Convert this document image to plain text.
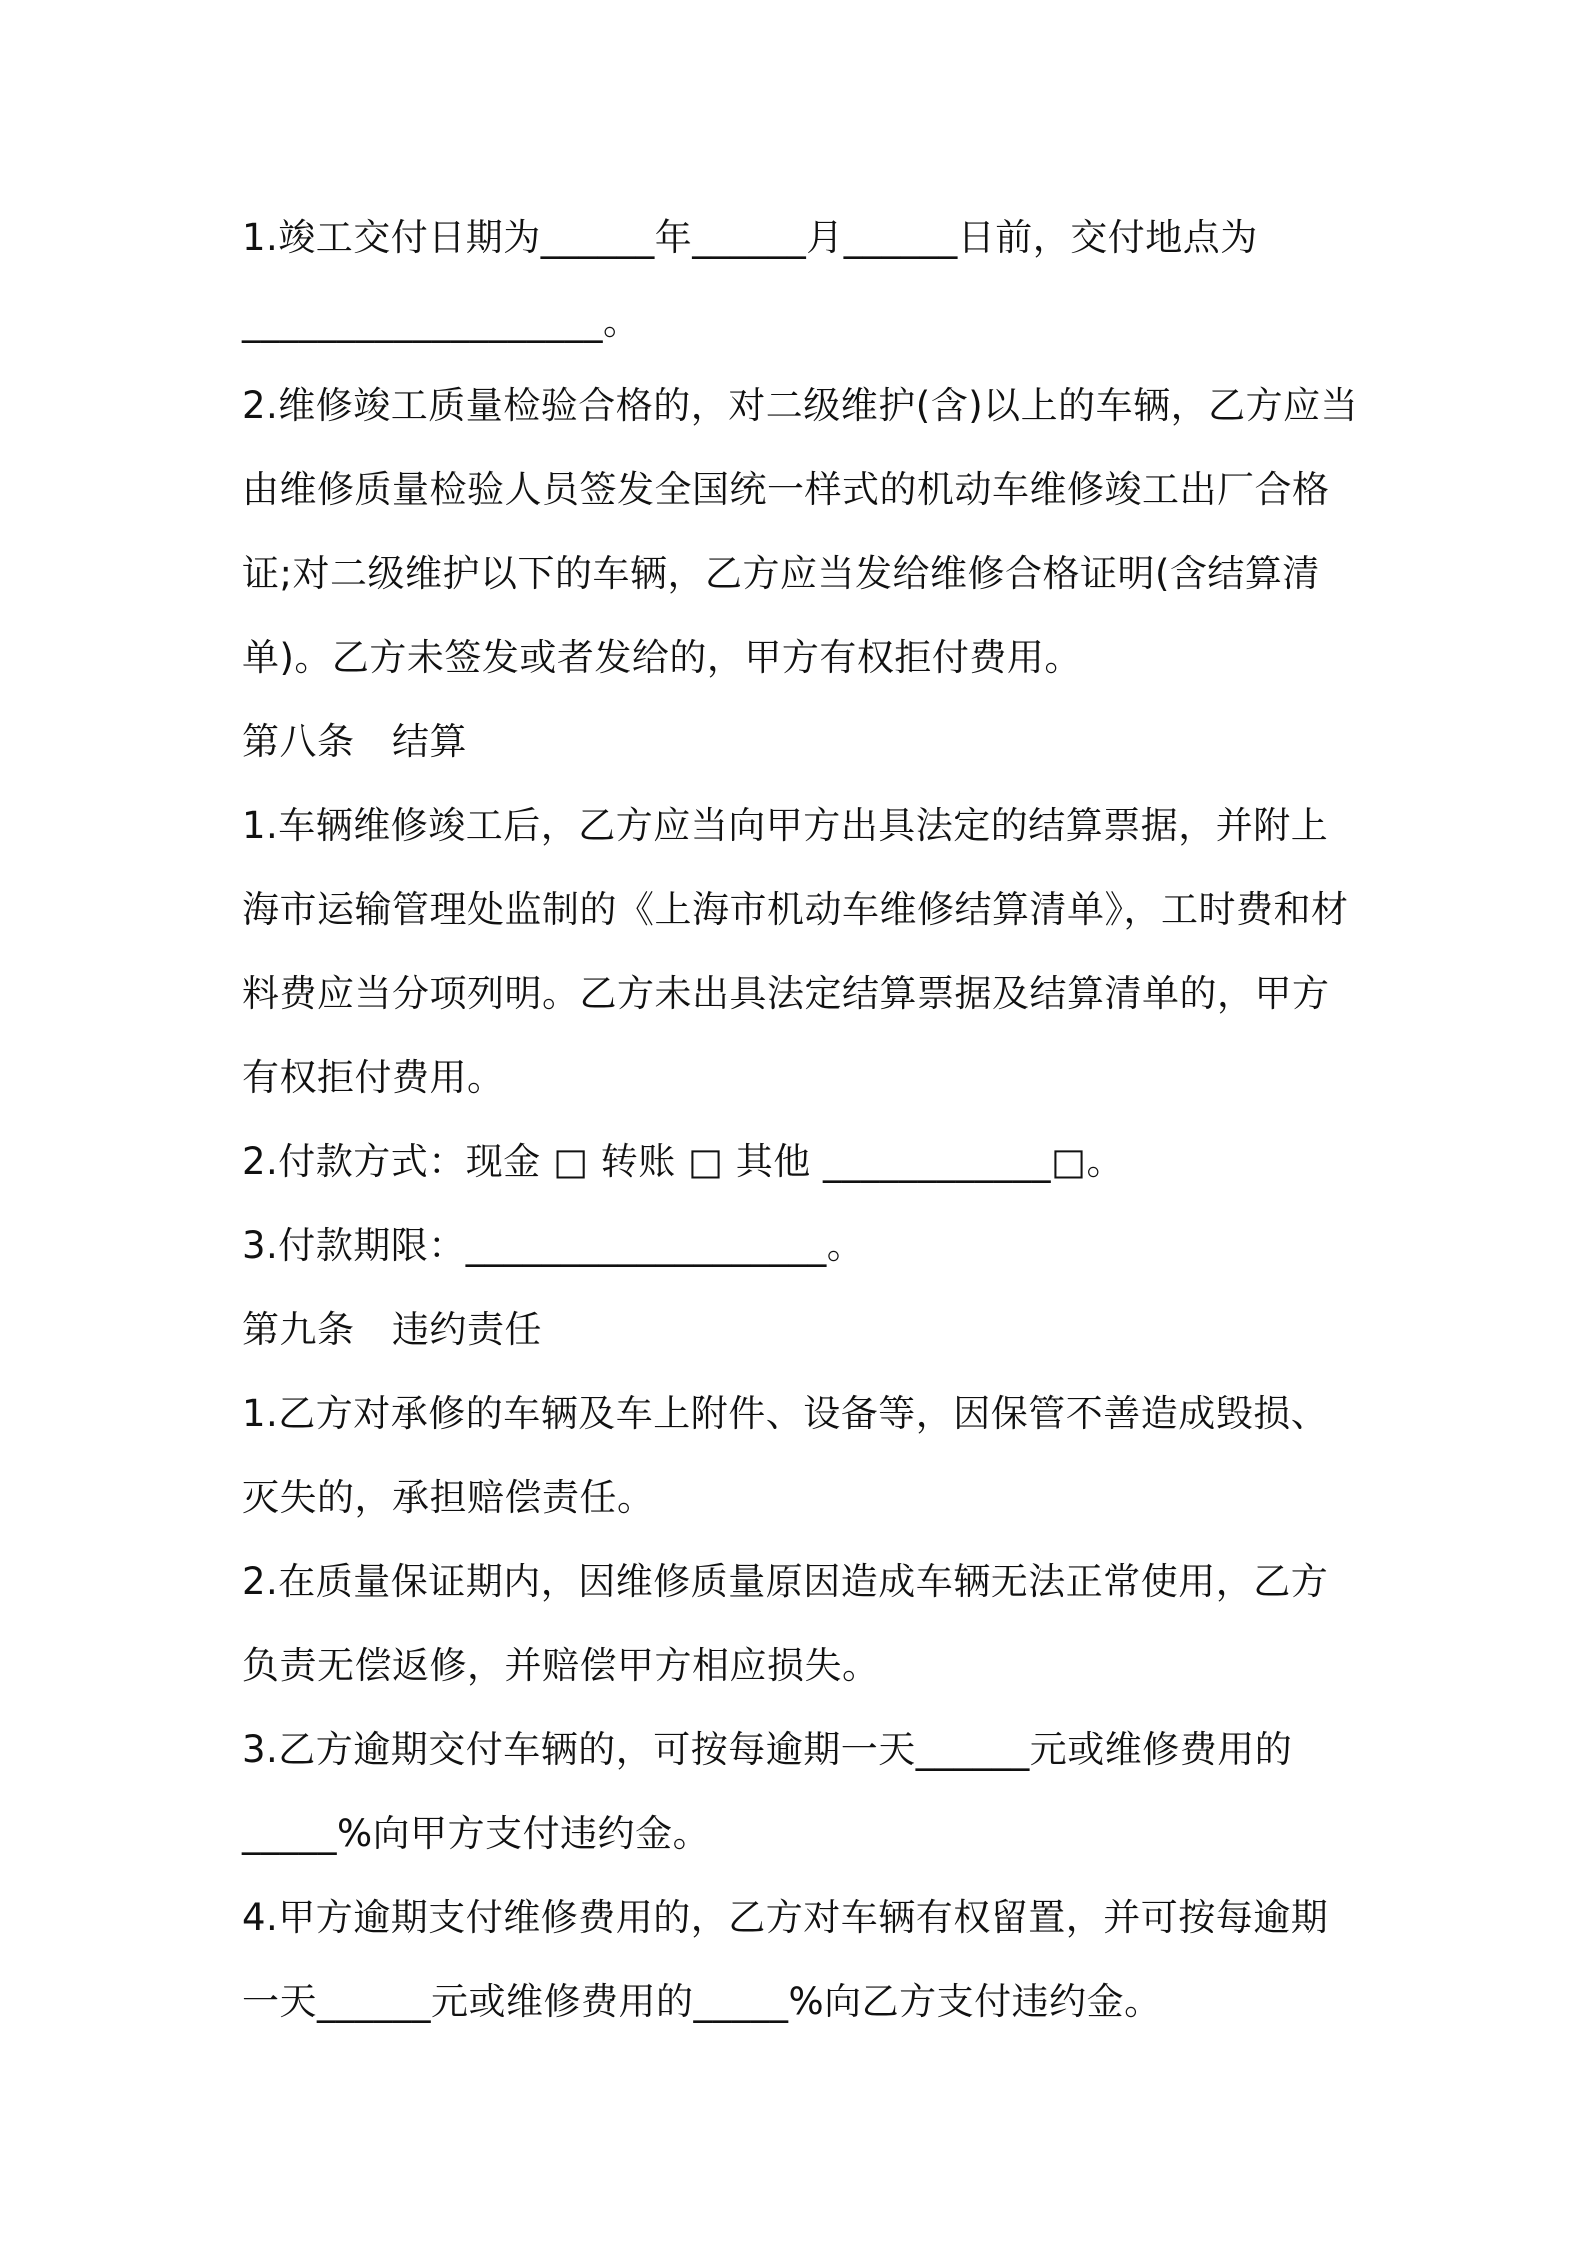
1.竣工交付日期为______年______月______日前，交付地点为___________________。

2.维修竣工质量检验合格的，对二级维护(含)以上的车辆，乙方应当由维修质量检验人员签发全国统一样式的机动车维修竣工出厂合格证;对二级维护以下的车辆，乙方应当发给维修合格证明(含结算清单)。乙方未签发或者发给的，甲方有权拒付费用。

第八条　结算

1.车辆维修竣工后，乙方应当向甲方出具法定的结算票据，并附上海市运输管理处监制的《上海市机动车维修结算清单》，工时费和材料费应当分项列明。乙方未出具法定结算票据及结算清单的，甲方有权拒付费用。

2.付款方式：现金 □ 转账 □ 其他 ____________□。

3.付款期限：___________________。

第九条　违约责任

1.乙方对承修的车辆及车上附件、设备等，因保管不善造成毁损、灭失的，承担赔偿责任。

2.在质量保证期内，因维修质量原因造成车辆无法正常使用，乙方负责无偿返修，并赔偿甲方相应损失。

3.乙方逾期交付车辆的，可按每逾期一天______元或维修费用的_____%向甲方支付违约金。

4.甲方逾期支付维修费用的，乙方对车辆有权留置，并可按每逾期一天______元或维修费用的_____%向乙方支付违约金。
